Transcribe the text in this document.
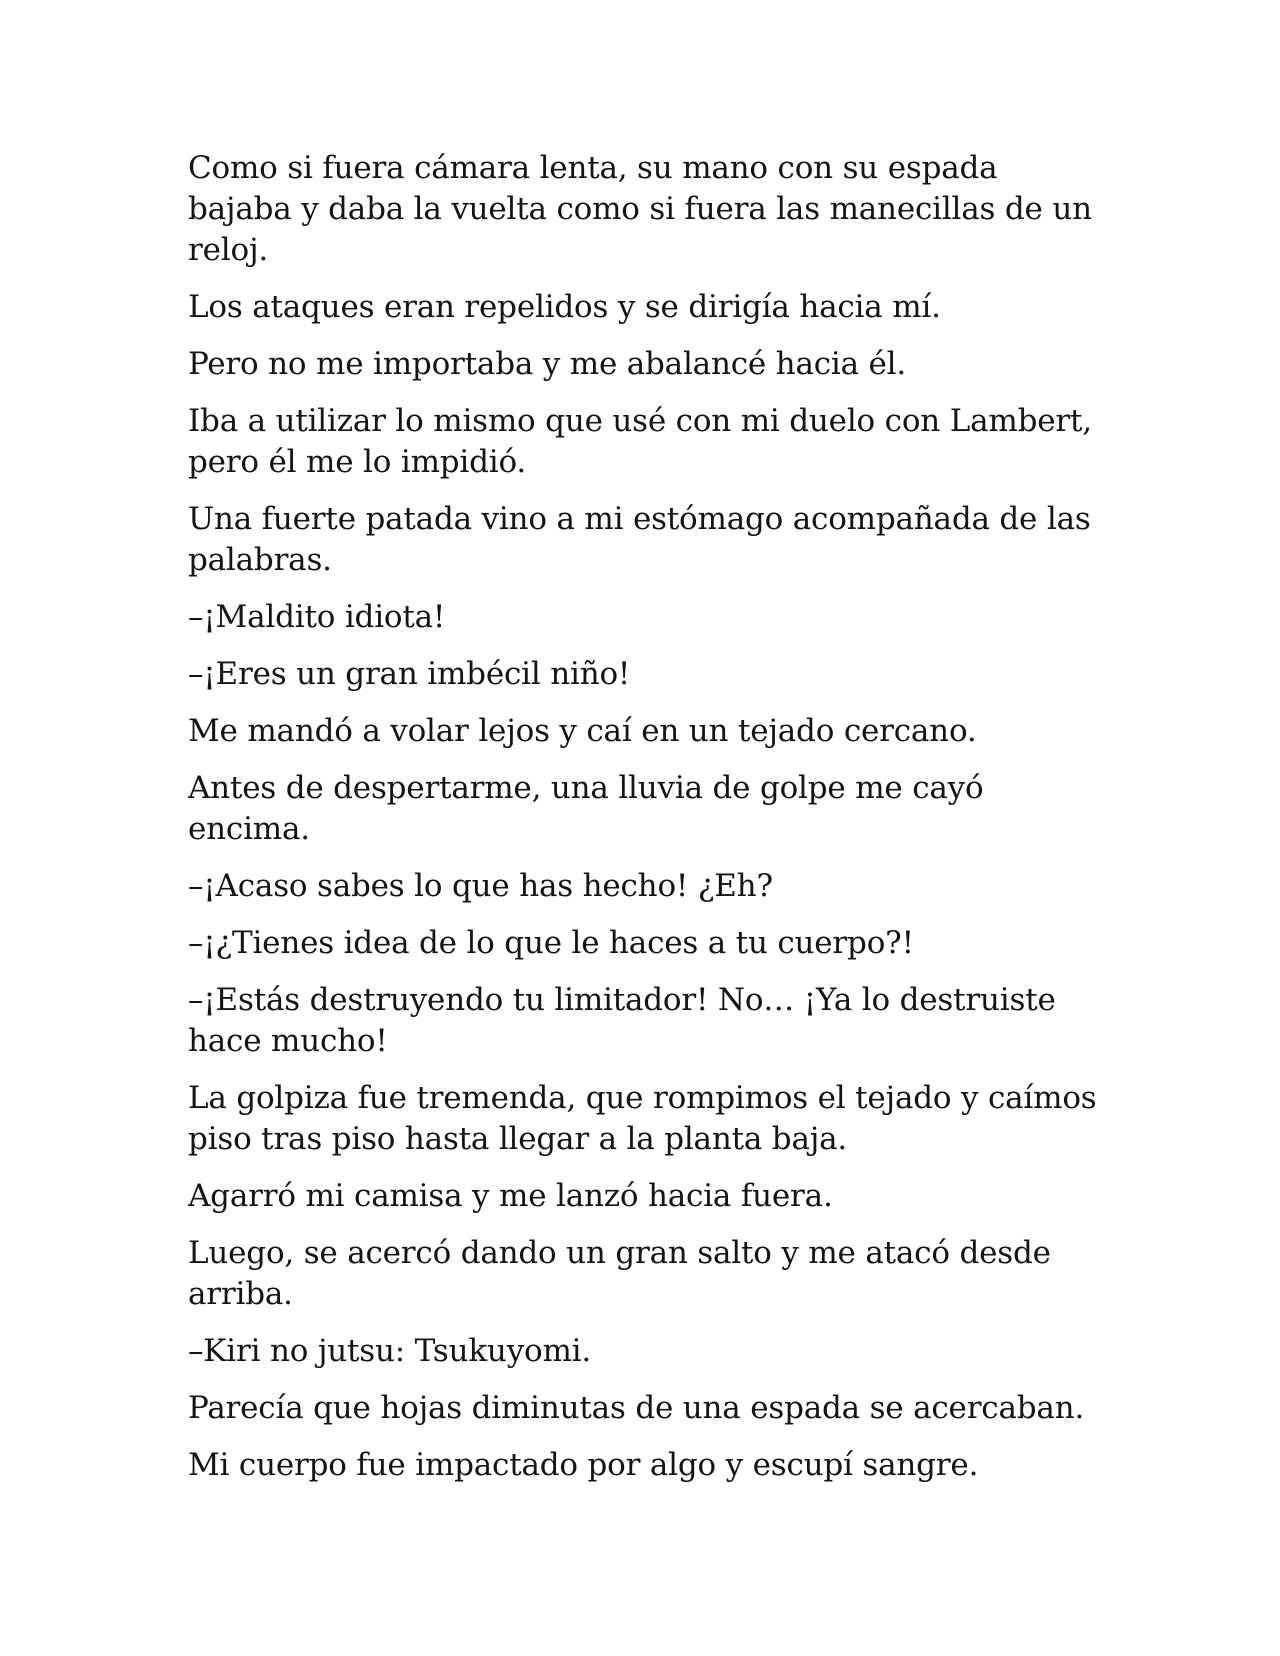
Como si fuera cámara lenta, su mano con su espada bajaba y daba la vuelta como si fuera las manecillas de un reloj.

Los ataques eran repelidos y se dirigía hacia mí.

Pero no me importaba y me abalancé hacia él.

Iba a utilizar lo mismo que usé con mi duelo con Lambert, pero él me lo impidió.

Una fuerte patada vino a mi estómago acompañada de las palabras.

–¡Maldito idiota!

–¡Eres un gran imbécil niño!

Me mandó a volar lejos y caí en un tejado cercano.

Antes de despertarme, una lluvia de golpe me cayó encima.

–¡Acaso sabes lo que has hecho! ¿Eh?

–¡¿Tienes idea de lo que le haces a tu cuerpo?!

–¡Estás destruyendo tu limitador! No… ¡Ya lo destruiste hace mucho!

La golpiza fue tremenda, que rompimos el tejado y caímos piso tras piso hasta llegar a la planta baja.

Agarró mi camisa y me lanzó hacia fuera.

Luego, se acercó dando un gran salto y me atacó desde arriba.

–Kiri no jutsu: Tsukuyomi.

Parecía que hojas diminutas de una espada se acercaban.

Mi cuerpo fue impactado por algo y escupí sangre.
